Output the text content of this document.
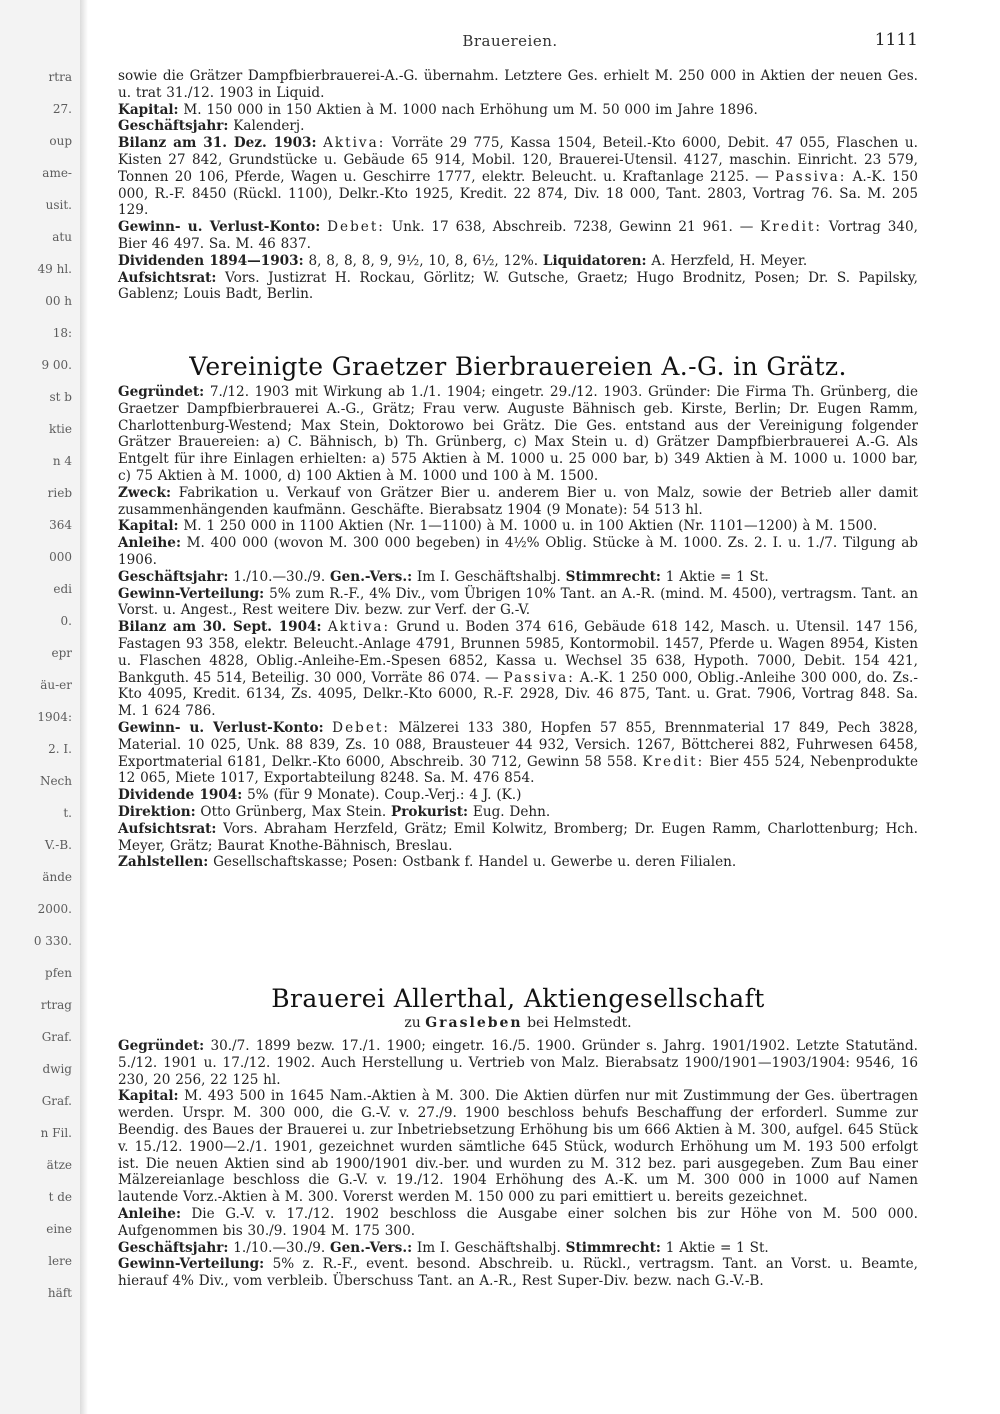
rtra
27.
oup
ame-
usit.
atu
49 hl.
00 h
18:
9 00.
st b
ktie
n 4
rieb
364
000
edi
0.
epr
äu-er
1904:
2. I.
Nech
t.
V.-B.
ände
2000.
0 330.
pfen
rtrag
Graf.
dwig
Graf.
n Fil.
ätze
t de
eine
lere
häft
Brauereien.	1111

sowie die Grätzer Dampfbierbrauerei-A.-G. übernahm. Letztere Ges. erhielt M. 250 000 in Aktien der neuen Ges. u. trat 31./12. 1903 in Liquid.

Kapital: M. 150 000 in 150 Aktien à M. 1000 nach Erhöhung um M. 50 000 im Jahre 1896.

Geschäftsjahr: Kalenderj.

Bilanz am 31. Dez. 1903: Aktiva: Vorräte 29 775, Kassa 1504, Beteil.-Kto 6000, Debit. 47 055, Flaschen u. Kisten 27 842, Grundstücke u. Gebäude 65 914, Mobil. 120, Brauerei-Utensil. 4127, maschin. Einricht. 23 579, Tonnen 20 106, Pferde, Wagen u. Geschirre 1777, elektr. Beleucht. u. Kraftanlage 2125. — Passiva: A.-K. 150 000, R.-F. 8450 (Rückl. 1100), Delkr.-Kto 1925, Kredit. 22 874, Div. 18 000, Tant. 2803, Vortrag 76. Sa. M. 205 129.

Gewinn- u. Verlust-Konto: Debet: Unk. 17 638, Abschreib. 7238, Gewinn 21 961. — Kredit: Vortrag 340, Bier 46 497. Sa. M. 46 837.

Dividenden 1894—1903: 8, 8, 8, 8, 9, 9½, 10, 8, 6½, 12%. Liquidatoren: A. Herzfeld, H. Meyer.

Aufsichtsrat: Vors. Justizrat H. Rockau, Görlitz; W. Gutsche, Graetz; Hugo Brodnitz, Posen; Dr. S. Papilsky, Gablenz; Louis Badt, Berlin.

Vereinigte Graetzer Bierbrauereien A.-G. in Grätz.

Gegründet: 7./12. 1903 mit Wirkung ab 1./1. 1904; eingetr. 29./12. 1903. Gründer: Die Firma Th. Grünberg, die Graetzer Dampfbierbrauerei A.-G., Grätz; Frau verw. Auguste Bähnisch geb. Kirste, Berlin; Dr. Eugen Ramm, Charlottenburg-Westend; Max Stein, Doktorowo bei Grätz. Die Ges. entstand aus der Vereinigung folgender Grätzer Brauereien: a) C. Bähnisch, b) Th. Grünberg, c) Max Stein u. d) Grätzer Dampfbierbrauerei A.-G. Als Entgelt für ihre Einlagen erhielten: a) 575 Aktien à M. 1000 u. 25 000 bar, b) 349 Aktien à M. 1000 u. 1000 bar, c) 75 Aktien à M. 1000, d) 100 Aktien à M. 1000 und 100 à M. 1500.

Zweck: Fabrikation u. Verkauf von Grätzer Bier u. anderem Bier u. von Malz, sowie der Betrieb aller damit zusammenhängenden kaufmänn. Geschäfte. Bierabsatz 1904 (9 Monate): 54 513 hl.

Kapital: M. 1 250 000 in 1100 Aktien (Nr. 1—1100) à M. 1000 u. in 100 Aktien (Nr. 1101—1200) à M. 1500.

Anleihe: M. 400 000 (wovon M. 300 000 begeben) in 4½% Oblig. Stücke à M. 1000. Zs. 2. I. u. 1./7. Tilgung ab 1906.

Geschäftsjahr: 1./10.—30./9. Gen.-Vers.: Im I. Geschäftshalbj. Stimmrecht: 1 Aktie = 1 St.

Gewinn-Verteilung: 5% zum R.-F., 4% Div., vom Übrigen 10% Tant. an A.-R. (mind. M. 4500), vertragsm. Tant. an Vorst. u. Angest., Rest weitere Div. bezw. zur Verf. der G.-V.

Bilanz am 30. Sept. 1904: Aktiva: Grund u. Boden 374 616, Gebäude 618 142, Masch. u. Utensil. 147 156, Fastagen 93 358, elektr. Beleucht.-Anlage 4791, Brunnen 5985, Kontormobil. 1457, Pferde u. Wagen 8954, Kisten u. Flaschen 4828, Oblig.-Anleihe-Em.-Spesen 6852, Kassa u. Wechsel 35 638, Hypoth. 7000, Debit. 154 421, Bankguth. 45 514, Beteilig. 30 000, Vorräte 86 074. — Passiva: A.-K. 1 250 000, Oblig.-Anleihe 300 000, do. Zs.-Kto 4095, Kredit. 6134, Zs. 4095, Delkr.-Kto 6000, R.-F. 2928, Div. 46 875, Tant. u. Grat. 7906, Vortrag 848. Sa. M. 1 624 786.

Gewinn- u. Verlust-Konto: Debet: Mälzerei 133 380, Hopfen 57 855, Brennmaterial 17 849, Pech 3828, Material. 10 025, Unk. 88 839, Zs. 10 088, Brausteuer 44 932, Versich. 1267, Böttcherei 882, Fuhrwesen 6458, Exportmaterial 6181, Delkr.-Kto 6000, Abschreib. 30 712, Gewinn 58 558. Kredit: Bier 455 524, Nebenprodukte 12 065, Miete 1017, Exportabteilung 8248. Sa. M. 476 854.

Dividende 1904: 5% (für 9 Monate). Coup.-Verj.: 4 J. (K.)

Direktion: Otto Grünberg, Max Stein. Prokurist: Eug. Dehn.

Aufsichtsrat: Vors. Abraham Herzfeld, Grätz; Emil Kolwitz, Bromberg; Dr. Eugen Ramm, Charlottenburg; Hch. Meyer, Grätz; Baurat Knothe-Bähnisch, Breslau.

Zahlstellen: Gesellschaftskasse; Posen: Ostbank f. Handel u. Gewerbe u. deren Filialen.

Brauerei Allerthal, Aktiengesellschaft

zu Grasleben bei Helmstedt.

Gegründet: 30./7. 1899 bezw. 17./1. 1900; eingetr. 16./5. 1900. Gründer s. Jahrg. 1901/1902. Letzte Statutänd. 5./12. 1901 u. 17./12. 1902. Auch Herstellung u. Vertrieb von Malz. Bierabsatz 1900/1901—1903/1904: 9546, 16 230, 20 256, 22 125 hl.

Kapital: M. 493 500 in 1645 Nam.-Aktien à M. 300. Die Aktien dürfen nur mit Zustimmung der Ges. übertragen werden. Urspr. M. 300 000, die G.-V. v. 27./9. 1900 beschloss behufs Beschaffung der erforderl. Summe zur Beendig. des Baues der Brauerei u. zur Inbetriebsetzung Erhöhung bis um 666 Aktien à M. 300, aufgel. 645 Stück v. 15./12. 1900—2./1. 1901, gezeichnet wurden sämtliche 645 Stück, wodurch Erhöhung um M. 193 500 erfolgt ist. Die neuen Aktien sind ab 1900/1901 div.-ber. und wurden zu M. 312 bez. pari ausgegeben. Zum Bau einer Mälzereianlage beschloss die G.-V. v. 19./12. 1904 Erhöhung des A.-K. um M. 300 000 in 1000 auf Namen lautende Vorz.-Aktien à M. 300. Vorerst werden M. 150 000 zu pari emittiert u. bereits gezeichnet.

Anleihe: Die G.-V. v. 17./12. 1902 beschloss die Ausgabe einer solchen bis zur Höhe von M. 500 000. Aufgenommen bis 30./9. 1904 M. 175 300.

Geschäftsjahr: 1./10.—30./9. Gen.-Vers.: Im I. Geschäftshalbj. Stimmrecht: 1 Aktie = 1 St.

Gewinn-Verteilung: 5% z. R.-F., event. besond. Abschreib. u. Rückl., vertragsm. Tant. an Vorst. u. Beamte, hierauf 4% Div., vom verbleib. Überschuss Tant. an A.-R., Rest Super-Div. bezw. nach G.-V.-B.
